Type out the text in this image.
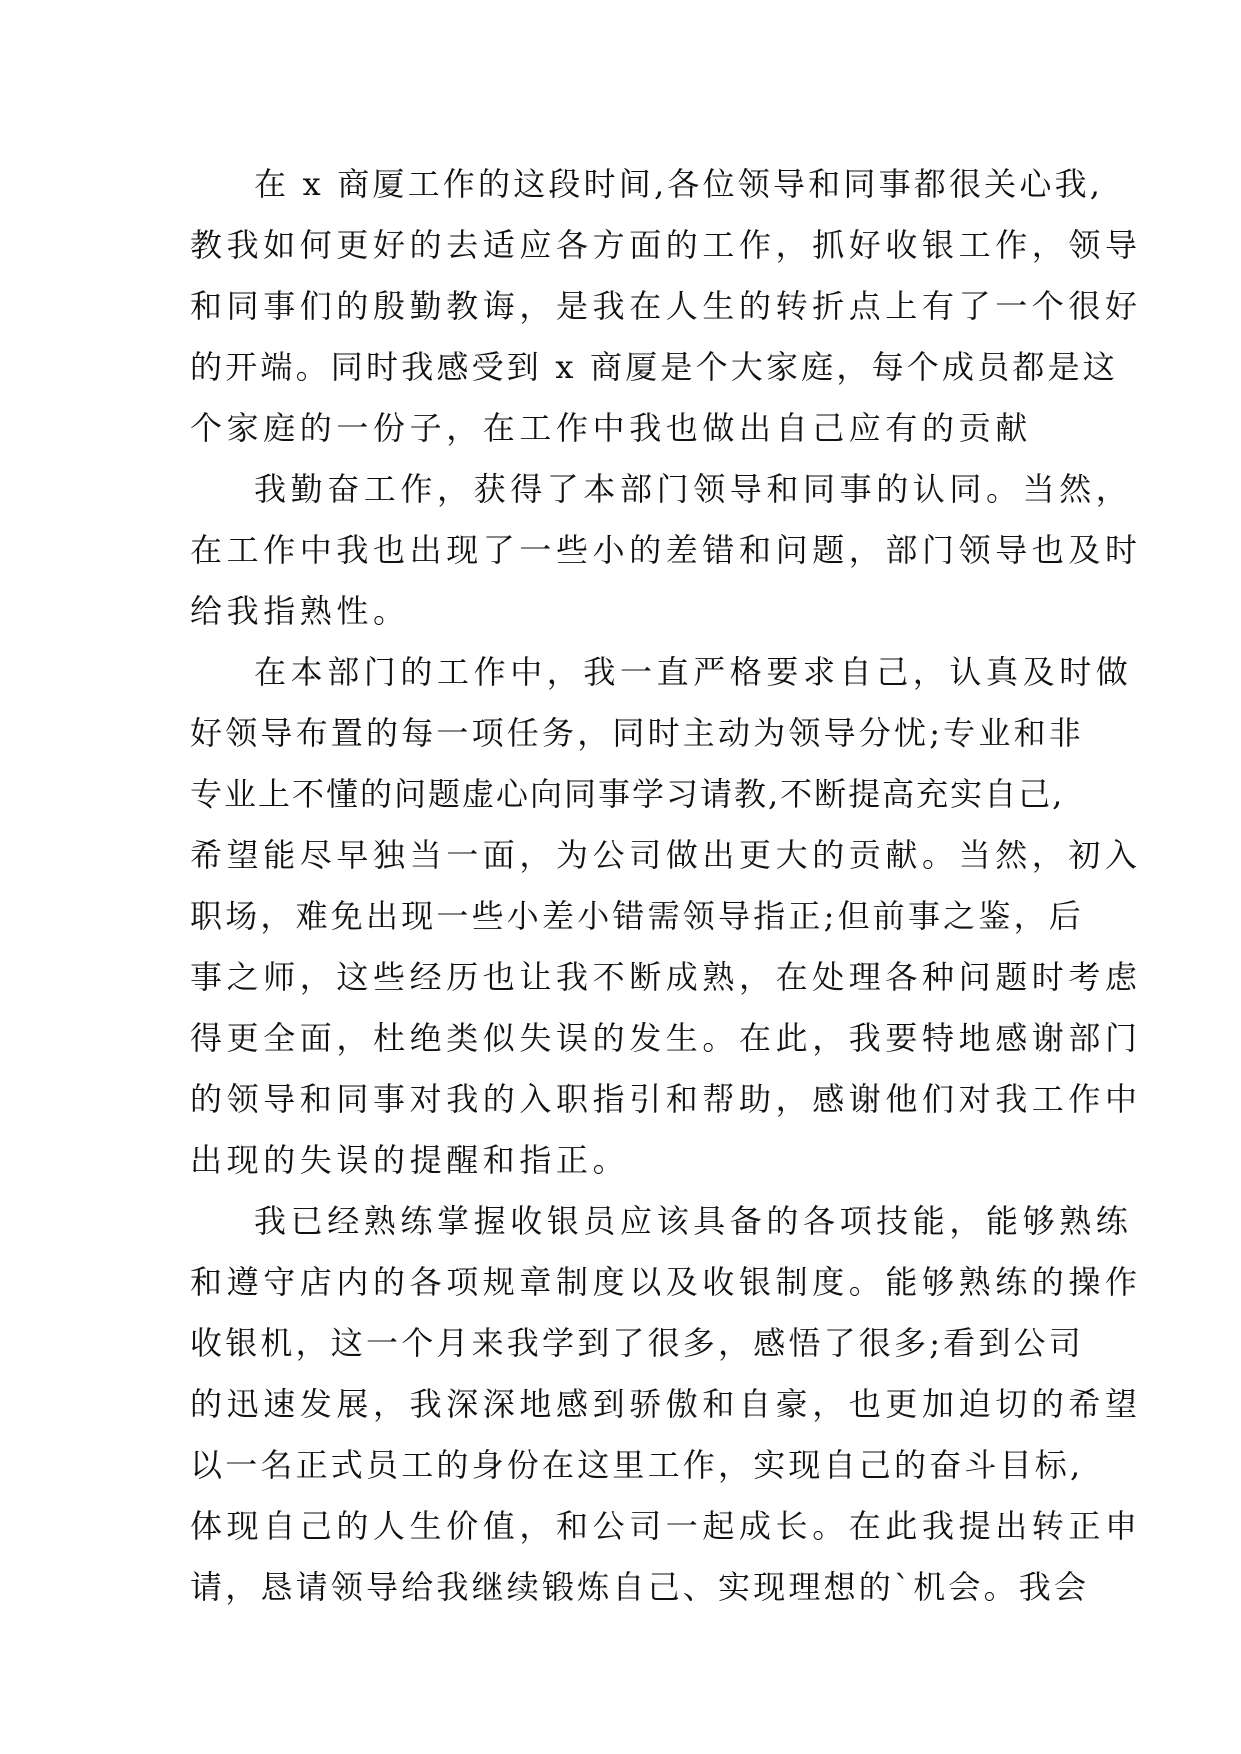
在 x 商厦工作的这段时间,各位领导和同事都很关心我,
教我如何更好的去适应各方面的工作，抓好收银工作，领导
和同事们的殷勤教诲，是我在人生的转折点上有了一个很好
的开端。同时我感受到 x 商厦是个大家庭，每个成员都是这
个家庭的一份子，在工作中我也做出自己应有的贡献
我勤奋工作，获得了本部门领导和同事的认同。当然，
在工作中我也出现了一些小的差错和问题，部门领导也及时
给我指熟性。
在本部门的工作中，我一直严格要求自己，认真及时做
好领导布置的每一项任务，同时主动为领导分忧;专业和非
专业上不懂的问题虚心向同事学习请教,不断提高充实自己,
希望能尽早独当一面，为公司做出更大的贡献。当然，初入
职场，难免出现一些小差小错需领导指正;但前事之鉴，后
事之师，这些经历也让我不断成熟，在处理各种问题时考虑
得更全面，杜绝类似失误的发生。在此，我要特地感谢部门
的领导和同事对我的入职指引和帮助，感谢他们对我工作中
出现的失误的提醒和指正。
我已经熟练掌握收银员应该具备的各项技能，能够熟练
和遵守店内的各项规章制度以及收银制度。能够熟练的操作
收银机，这一个月来我学到了很多，感悟了很多;看到公司
的迅速发展，我深深地感到骄傲和自豪，也更加迫切的希望
以一名正式员工的身份在这里工作，实现自己的奋斗目标,
体现自己的人生价值，和公司一起成长。在此我提出转正申
请，恳请领导给我继续锻炼自己、实现理想的`机会。我会
